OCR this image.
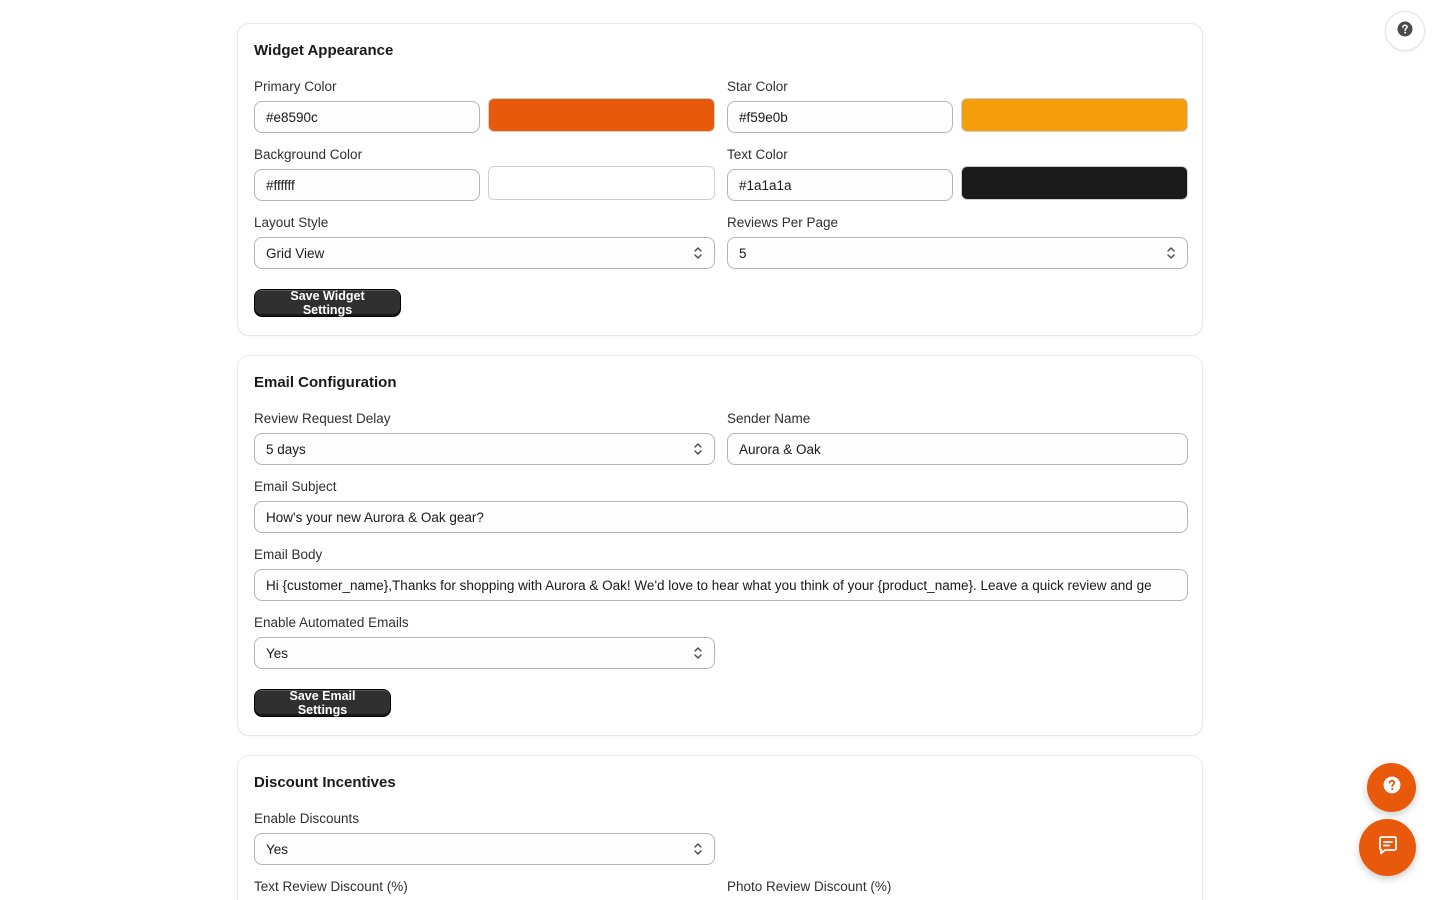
Widget Appearance
Primary Color
#e8590c
Star Color
#f59e0b
Background Color
#ffffff
Text Color
#1a1a1a
Layout Style
Grid View
Reviews Per Page
5
Save Widget Settings
Email Configuration
Review Request Delay
5 days
Sender Name
Aurora & Oak
Email Subject
How's your new Aurora & Oak gear?
Email Body
Hi {customer_name},Thanks for shopping with Aurora & Oak! We'd love to hear what you think of your {product_name}. Leave a quick review and ge
Enable Automated Emails
Yes
Save Email Settings
Discount Incentives
Enable Discounts
Yes
Text Review Discount (%)	Photo Review Discount (%)
